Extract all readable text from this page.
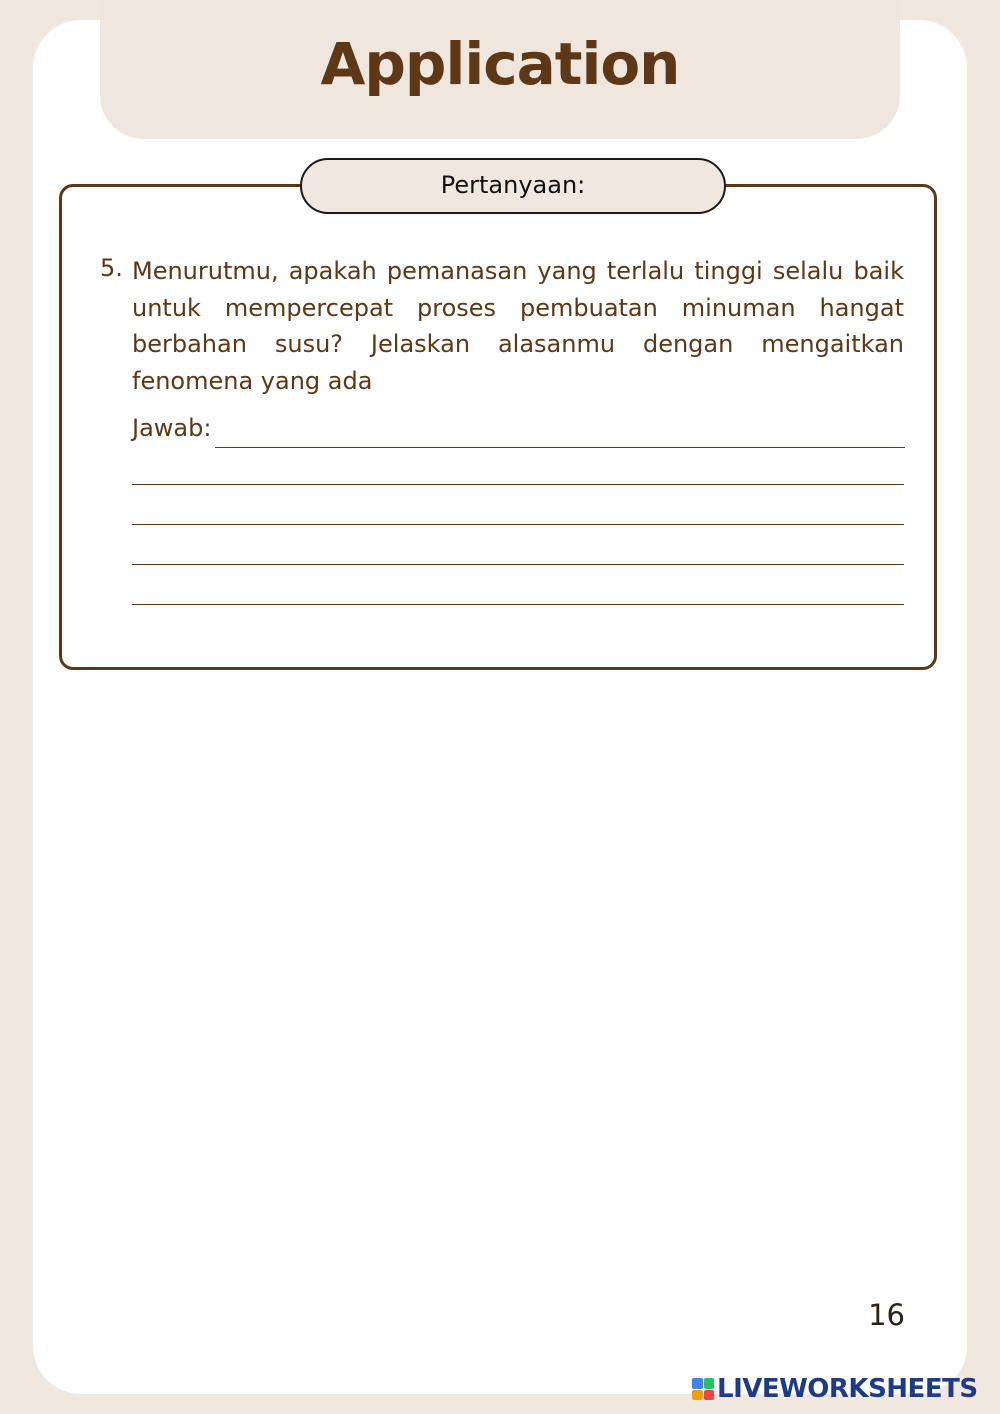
Application
Pertanyaan:
5. Menurutmu, apakah pemanasan yang terlalu tinggi selalu baik untuk mempercepat proses pembuatan minuman hangat berbahan susu? Jelaskan alasanmu dengan mengaitkan fenomena yang ada
Jawab:
16
LIVEWORKSHEETS
